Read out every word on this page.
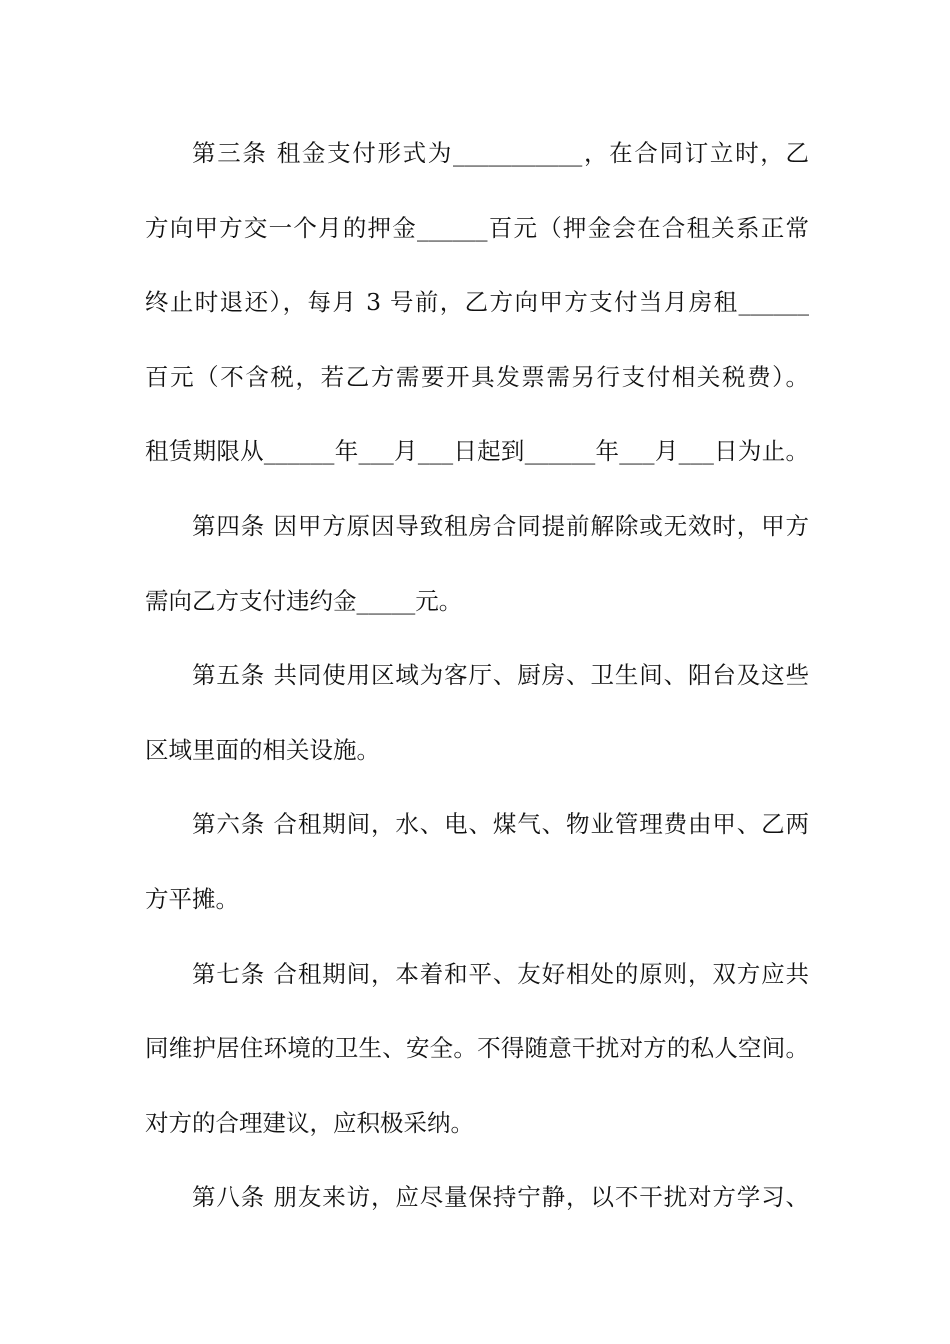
第三条 租金支付形式为___________，在合同订立时，乙
方向甲方交一个月的押金______百元（押金会在合租关系正常
终止时退还），每月 3 号前，乙方向甲方支付当月房租______
百元（不含税，若乙方需要开具发票需另行支付相关税费）。
租赁期限从______年___月___日起到______年___月___日为止。
第四条 因甲方原因导致租房合同提前解除或无效时，甲方
需向乙方支付违约金_____元。
第五条 共同使用区域为客厅、厨房、卫生间、阳台及这些
区域里面的相关设施。
第六条 合租期间，水、电、煤气、物业管理费由甲、乙两
方平摊。
第七条 合租期间，本着和平、友好相处的原则，双方应共
同维护居住环境的卫生、安全。不得随意干扰对方的私人空间。
对方的合理建议，应积极采纳。
第八条 朋友来访，应尽量保持宁静，以不干扰对方学习、
